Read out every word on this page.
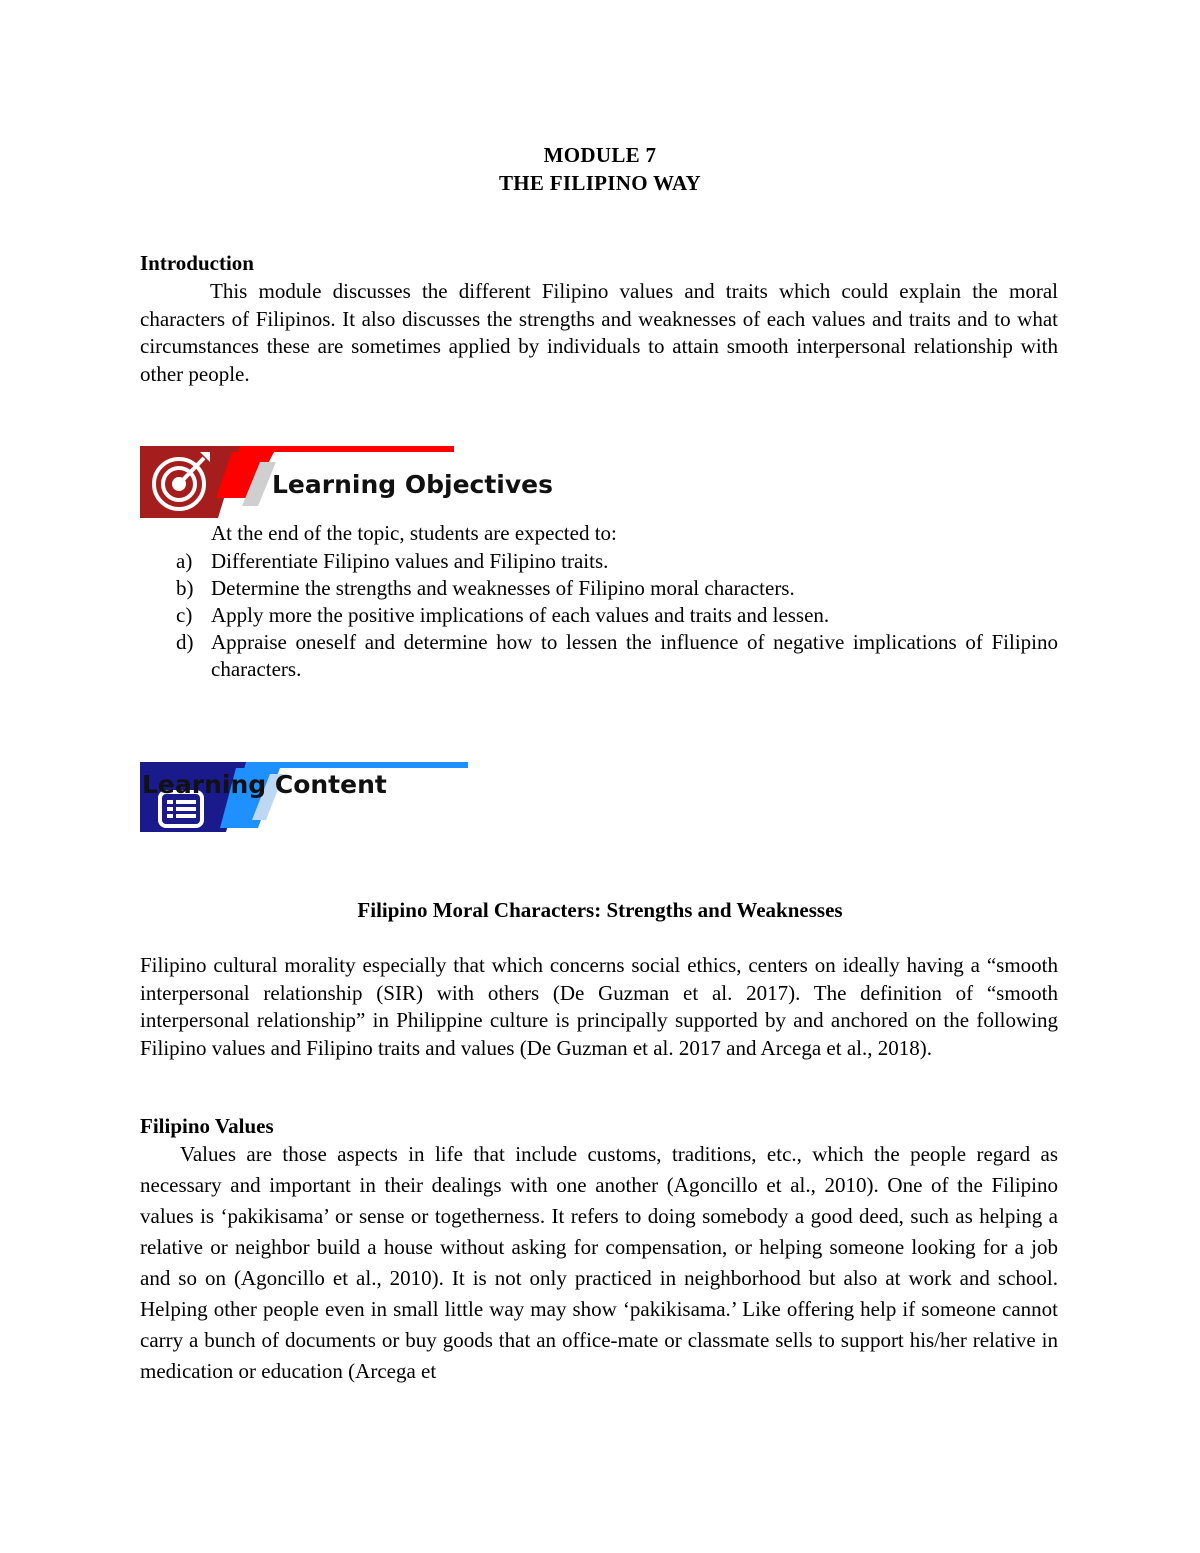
MODULE 7
THE FILIPINO WAY
Introduction

This module discusses the different Filipino values and traits which could explain the moral characters of Filipinos. It also discusses the strengths and weaknesses of each values and traits and to what circumstances these are sometimes applied by individuals to attain smooth interpersonal relationship with other people.

Learning Objectives
At the end of the topic, students are expected to:
a) Differentiate Filipino values and Filipino traits.
b) Determine the strengths and weaknesses of Filipino moral characters.
c) Apply more the positive implications of each values and traits and lessen.
d) Appraise oneself and determine how to lessen the influence of negative implications of Filipino characters.
Learning Content
Filipino Moral Characters: Strengths and Weaknesses

Filipino cultural morality especially that which concerns social ethics, centers on ideally having a “smooth interpersonal relationship (SIR) with others (De Guzman et al. 2017). The definition of “smooth interpersonal relationship” in Philippine culture is principally supported by and anchored on the following Filipino values and Filipino traits and values (De Guzman et al. 2017 and Arcega et al., 2018).

Filipino Values

Values are those aspects in life that include customs, traditions, etc., which the people regard as necessary and important in their dealings with one another (Agoncillo et al., 2010). One of the Filipino values is ‘pakikisama’ or sense or togetherness. It refers to doing somebody a good deed, such as helping a relative or neighbor build a house without asking for compensation, or helping someone looking for a job and so on (Agoncillo et al., 2010). It is not only practiced in neighborhood but also at work and school. Helping other people even in small little way may show ‘pakikisama.’ Like offering help if someone cannot carry a bunch of documents or buy goods that an office-mate or classmate sells to support his/her relative in medication or education (Arcega et
